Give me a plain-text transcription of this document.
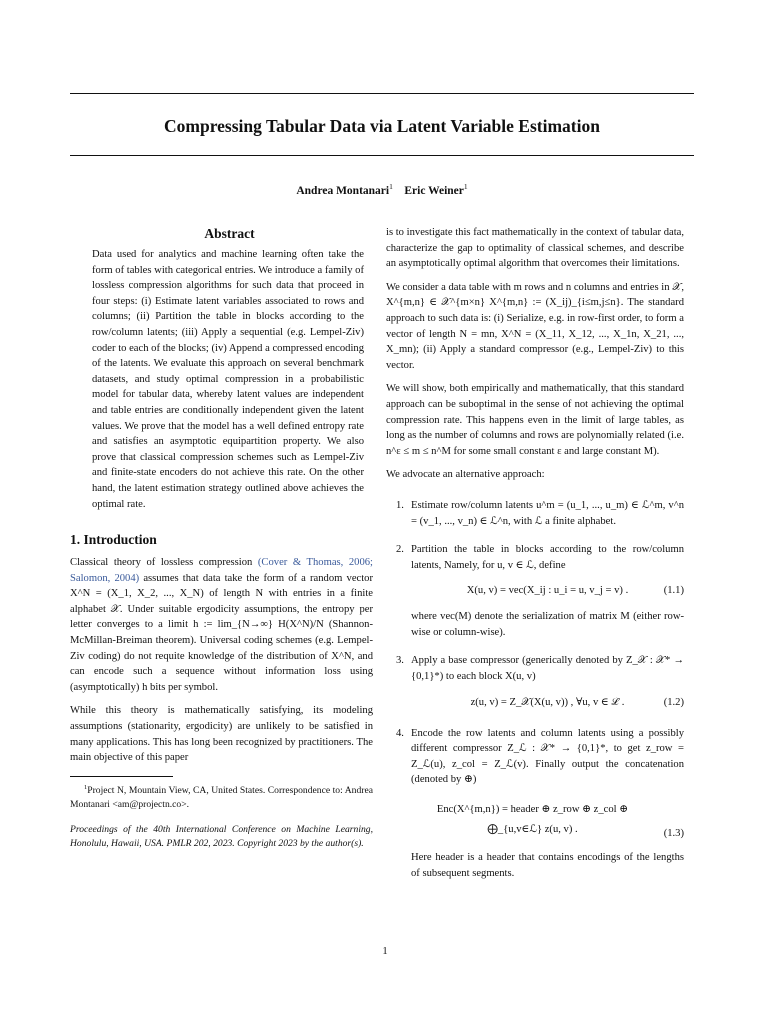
Compressing Tabular Data via Latent Variable Estimation
Andrea Montanari$^1$ Eric Weiner$^1$
Abstract

Data used for analytics and machine learning often take the form of tables with categorical entries. We introduce a family of lossless compression algorithms for such data that proceed in four steps: (i) Estimate latent variables associated to rows and columns; (ii) Partition the table in blocks according to the row/column latents; (iii) Apply a sequential (e.g. Lempel-Ziv) coder to each of the blocks; (iv) Append a compressed encoding of the latents. We evaluate this approach on several benchmark datasets, and study optimal compression in a probabilistic model for tabular data, whereby latent values are independent and table entries are conditionally independent given the latent values. We prove that the model has a well defined entropy rate and satisfies an asymptotic equipartition property. We also prove that classical compression schemes such as Lempel-Ziv and finite-state encoders do not achieve this rate. On the other hand, the latent estimation strategy outlined above achieves the optimal rate.

1. Introduction

Classical theory of lossless compression (Cover & Thomas, 2006; Salomon, 2004) assumes that data take the form of a random vector X^N = (X_1, X_2, ..., X_N) of length N with entries in a finite alphabet 𝒳. Under suitable ergodicity assumptions, the entropy per letter converges to a limit h := lim_{N→∞} H(X^N)/N (Shannon-McMillan-Breiman theorem). Universal coding schemes (e.g. Lempel-Ziv coding) do not requite knowledge of the distribution of X^N, and can encode such a sequence without information loss using (asymptotically) h bits per symbol.

While this theory is mathematically satisfying, its modeling assumptions (stationarity, ergodicity) are unlikely to be satisfied in many applications. This has long been recognized by practitioners. The main objective of this paper

$^1$Project N, Mountain View, CA, United States. Correspondence to: Andrea Montanari <am@projectn.co>.

Proceedings of the 40th International Conference on Machine Learning, Honolulu, Hawaii, USA. PMLR 202, 2023. Copyright 2023 by the author(s).

is to investigate this fact mathematically in the context of tabular data, characterize the gap to optimality of classical schemes, and describe an asymptotically optimal algorithm that overcomes their limitations.

We consider a data table with m rows and n columns and entries in 𝒳, X^{m,n} ∈ 𝒳^{m×n} X^{m,n} := (X_ij)_{i≤m,j≤n}. The standard approach to such data is: (i) Serialize, e.g. in row-first order, to form a vector of length N = mn, X^N = (X_11, X_12, ..., X_1n, X_21, ..., X_mn); (ii) Apply a standard compressor (e.g., Lempel-Ziv) to this vector.

We will show, both empirically and mathematically, that this standard approach can be suboptimal in the sense of not achieving the optimal compression rate. This happens even in the limit of large tables, as long as the number of columns and rows are polynomially related (i.e. n^ε ≤ m ≤ n^M for some small constant ε and large constant M).

We advocate an alternative approach:

1. Estimate row/column latents u^m = (u_1, ..., u_m) ∈ ℒ^m, v^n = (v_1, ..., v_n) ∈ ℒ^n, with ℒ a finite alphabet.

2. Partition the table in blocks according to the row/column latents, Namely, for u, v ∈ ℒ, define

X(u, v) = vec(X_ij : u_i = u, v_j = v) .	(1.1)

where vec(M) denote the serialization of matrix M (either row-wise or column-wise).

3. Apply a base compressor (generically denoted by Z_𝒳 : 𝒳* → {0,1}*) to each block X(u, v)

z(u, v) = Z_𝒳(X(u, v)) , ∀u, v ∈ ℒ .	(1.2)
4. Encode the row latents and column latents using a possibly different compressor Z_ℒ : 𝒳* → {0,1}*, to get z_row = Z_ℒ(u), z_col = Z_ℒ(v). Finally output the concatenation (denoted by ⊕)

Enc(X^{m,n}) = header ⊕ z_row ⊕ z_col ⊕ ⨁_{u,v∈ℒ} z(u, v) .	(1.3)

Here header is a header that contains encodings of the lengths of subsequent segments.

1
